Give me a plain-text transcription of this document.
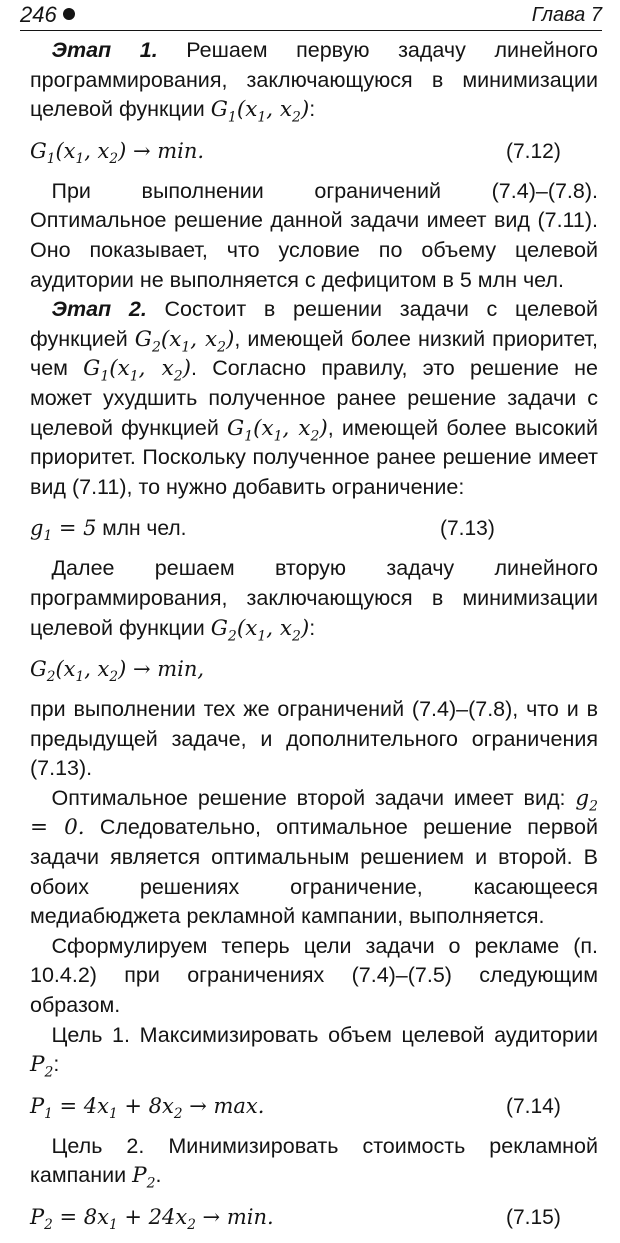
246	Глава 7

 Этап 1. Решаем первую задачу линейного программирования, заключающуюся в минимизации целевой функции $G_1(x_1$, $x_2$):

$G_1(x_1$, $x_2) \to \min$.	(7.12)

 При выполнении ограничений (7.4)–(7.8). Оптимальное решение данной задачи имеет вид (7.11). Оно показывает, что условие по объему целевой аудитории не выполняется с дефицитом в 5 млн чел.

 Этап 2. Состоит в решении задачи с целевой функцией $G_2(x_1$, $x_2$), имеющей более низкий приоритет, чем $G_1(x_1$, $x_2$). Согласно правилу, это решение не может ухудшить полученное ранее решение задачи с целевой функцией $G_1(x_1$, $x_2$), имеющей более высокий приоритет. Поскольку полученное ранее решение имеет вид (7.11), то нужно добавить ограничение:

$g_1 = 5$ млн чел.	(7.13)

 Далее решаем вторую задачу линейного программирования, заключающуюся в минимизации целевой функции $G_2(x_1$, $x_2$):

$G_2(x_1$, $x_2) \to \min$,

при выполнении тех же ограничений (7.4)–(7.8), что и в предыдущей задаче, и дополнительного ограничения (7.13).

 Оптимальное решение второй задачи имеет вид: $g_2 = 0$. Следовательно, оптимальное решение первой задачи является оптимальным решением и второй. В обоих решениях ограничение, касающееся медиабюджета рекламной кампании, выполняется.

 Сформулируем теперь цели задачи о рекламе (п. 10.4.2) при ограничениях (7.4)–(7.5) следующим образом.

 Цель 1. Максимизировать объем целевой аудитории $P_2$:

$P_1 = 4x_1 + 8x_2 \to \max$.	(7.14)

 Цель 2. Минимизировать стоимость рекламной кампании $P_2$.

$P_2 = 8x_1 + 24x_2 \to \min$.	(7.15)
